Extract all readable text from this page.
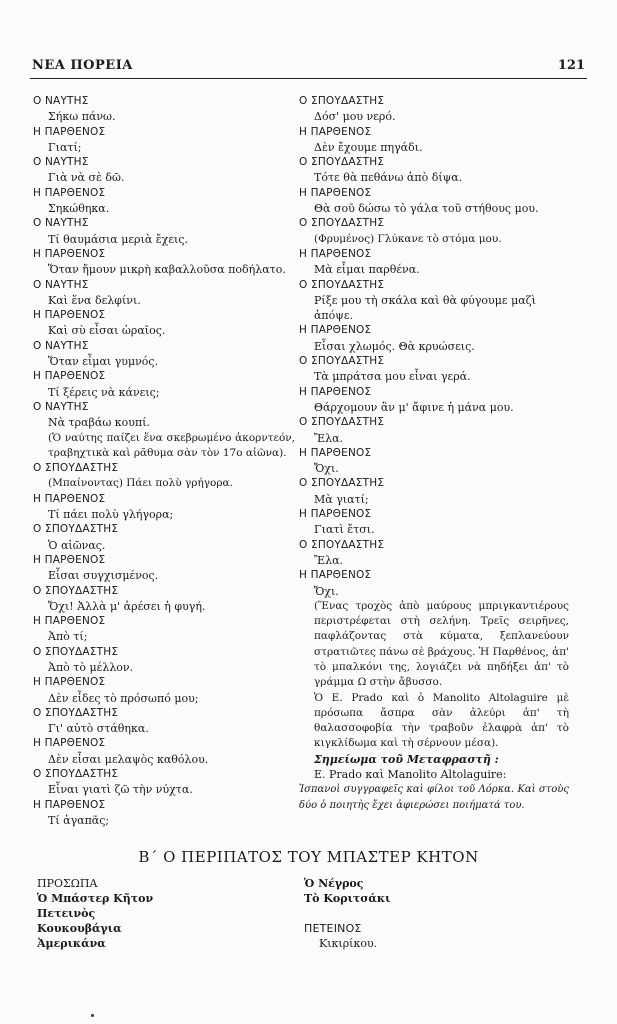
ΝΕΑ ΠΟΡΕΙΑ	121
Ο ΝΑΥΤΗΣ
Σήκω πάνω.
Η ΠΑΡΘΕΝΟΣ
Γιατί;
Ο ΝΑΥΤΗΣ
Γιὰ νὰ σὲ δῶ.
Η ΠΑΡΘΕΝΟΣ
Σηκώθηκα.
Ο ΝΑΥΤΗΣ
Τί θαυμάσια μεριὰ ἔχεις.
Η ΠΑΡΘΕΝΟΣ
Ὅταν ἤμουν μικρὴ καβαλλοῦσα ποδήλατο.
Ο ΝΑΥΤΗΣ
Καὶ ἕνα δελφίνι.
Η ΠΑΡΘΕΝΟΣ
Καὶ σὺ εἶσαι ὡραῖος.
Ο ΝΑΥΤΗΣ
Ὅταν εἶμαι γυμνός.
Η ΠΑΡΘΕΝΟΣ
Τί ξέρεις νὰ κάνεις;
Ο ΝΑΥΤΗΣ
Νὰ τραβάω κουπί.
(Ὁ ναύτης παίζει ἕνα σκεβρωμένο ἀκορντεόν, τραβηχτικὰ καὶ ρᾶθυμα σὰν τὸν 17ο αἰῶνα).
Ο ΣΠΟΥΔΑΣΤΗΣ
(Μπαίνοντας) Πάει πολὺ γρήγορα.
Η ΠΑΡΘΕΝΟΣ
Τί πάει πολὺ γλήγορα;
Ο ΣΠΟΥΔΑΣΤΗΣ
Ὁ αἰῶνας.
Η ΠΑΡΘΕΝΟΣ
Εἶσαι συγχισμένος.
Ο ΣΠΟΥΔΑΣΤΗΣ
Ὄχι! Ἀλλὰ μ' ἀρέσει ἡ φυγή.
Η ΠΑΡΘΕΝΟΣ
Ἀπὸ τί;
Ο ΣΠΟΥΔΑΣΤΗΣ
Ἀπὸ τὸ μέλλον.
Η ΠΑΡΘΕΝΟΣ
Δὲν εἶδες τὸ πρόσωπό μου;
Ο ΣΠΟΥΔΑΣΤΗΣ
Γι' αὐτὸ στάθηκα.
Η ΠΑΡΘΕΝΟΣ
Δὲν εἶσαι μελαψὸς καθόλου.
Ο ΣΠΟΥΔΑΣΤΗΣ
Εἶναι γιατὶ ζῶ τὴν νύχτα.
Η ΠΑΡΘΕΝΟΣ
Τί ἀγαπᾶς;
Ο ΣΠΟΥΔΑΣΤΗΣ
Δόσ' μου νερό.
Η ΠΑΡΘΕΝΟΣ
Δὲν ἔχουμε πηγάδι.
Ο ΣΠΟΥΔΑΣΤΗΣ
Τότε θὰ πεθάνω ἀπὸ δίψα.
Η ΠΑΡΘΕΝΟΣ
Θὰ σοῦ δώσω τὸ γάλα τοῦ στήθους μου.
Ο ΣΠΟΥΔΑΣΤΗΣ
(Φρυμένος) Γλύκανε τὸ στόμα μου.
Η ΠΑΡΘΕΝΟΣ
Μὰ εἶμαι παρθένα.
Ο ΣΠΟΥΔΑΣΤΗΣ
Ρίξε μου τὴ σκάλα καὶ θὰ φύγουμε μαζὶ ἀπόψε.
Η ΠΑΡΘΕΝΟΣ
Εἶσαι χλωμός. Θὰ κρυώσεις.
Ο ΣΠΟΥΔΑΣΤΗΣ
Τὰ μπράτσα μου εἶναι γερά.
Η ΠΑΡΘΕΝΟΣ
Θάρχομουν ἂν μ' ἄφινε ἡ μάνα μου.
Ο ΣΠΟΥΔΑΣΤΗΣ
Ἔλα.
Η ΠΑΡΘΕΝΟΣ
Ὄχι.
Ο ΣΠΟΥΔΑΣΤΗΣ
Μὰ γιατί;
Η ΠΑΡΘΕΝΟΣ
Γιατὶ ἔτσι.
Ο ΣΠΟΥΔΑΣΤΗΣ
Ἔλα.
Η ΠΑΡΘΕΝΟΣ
Ὄχι.
(Ἕνας τροχὸς ἀπὸ μαύρους μπριγκαντιέρους περιστρέφεται στὴ σελήνη. Τρεῖς σειρῆνες, παφλάζοντας στὰ κύματα, ξεπλανεύουν στρατιῶτες πάνω σὲ βράχους. Ἡ Παρθένος, ἀπ' τὸ μπαλκόνι της, λογιάζει νὰ πηδήξει ἀπ' τὸ γράμμα Ω στὴν ἄβυσσο.
Ὁ Ε. Prado καὶ ὁ Manolito Altolaguire μὲ πρόσωπα ἄσπρα σὰν ἀλεύρι ἀπ' τὴ θαλασσοφοβία τὴν τραβοῦν ἐλαφρὰ ἀπ' τὸ κιγκλίδωμα καὶ τὴ σέρνουν μέσα).
Σημείωμα τοῦ Μεταφραστῆ :
Ε. Prado καὶ Manolito Altolaguire:
Ἱσπανοὶ συγγραφεῖς καὶ φίλοι τοῦ Λόρκα. Καὶ στοὺς δύο ὁ ποιητὴς ἔχει ἀφιερώσει ποιήματά του.
Β΄ Ο ΠΕΡΙΠΑΤΟΣ ΤΟΥ ΜΠΑΣΤΕΡ ΚΗΤΟΝ
ΠΡΟΣΩΠΑ
Ὁ Μπάστερ Κῆτον
Πετεινὸς
Κουκουβάγια
Ἀμερικάνα
Ὁ Νέγρος
Τὸ Κοριτσάκι
ΠΕΤΕΙΝΟΣ
Κικιρίκου.
